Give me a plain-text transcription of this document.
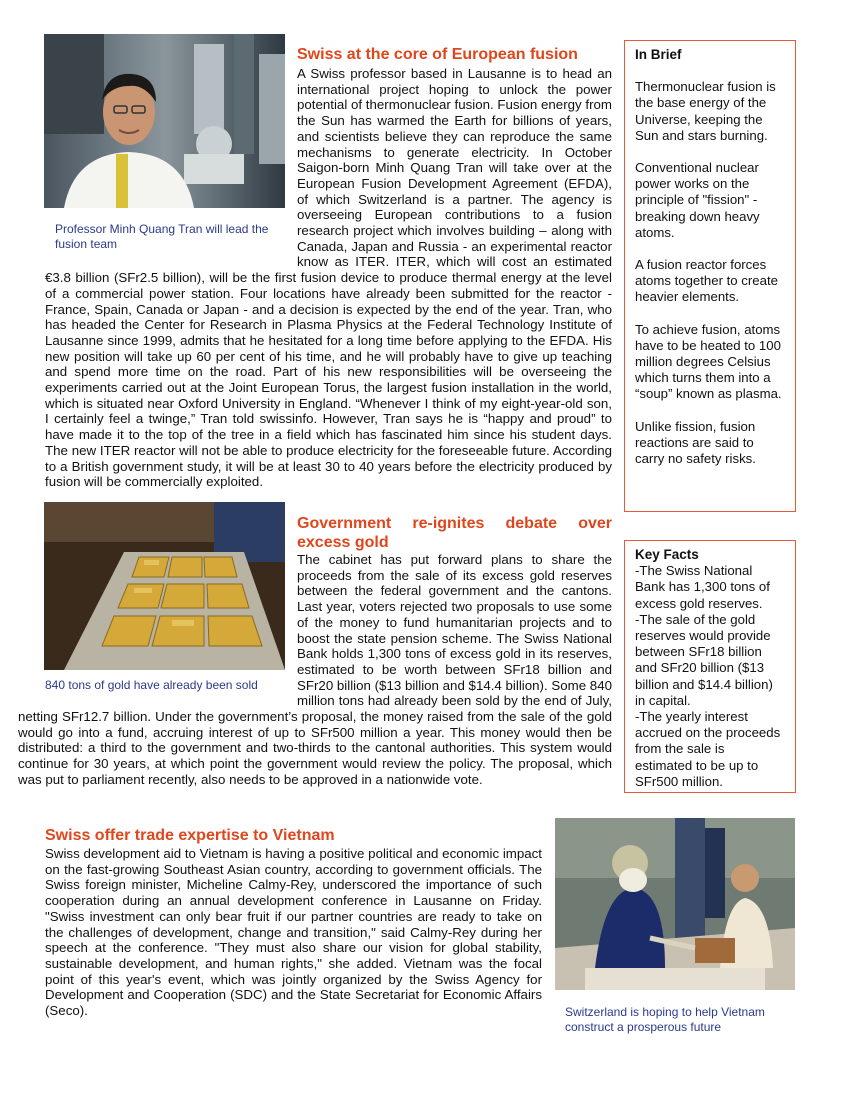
Professor Minh Quang Tran will lead the fusion team
Swiss at the core of European fusion
A Swiss professor based in Lausanne is to head an international project hoping to unlock the power potential of thermonuclear fusion. Fusion energy from the Sun has warmed the Earth for billions of years, and scientists believe they can reproduce the same mechanisms to generate electricity. In October Saigon-born Minh Quang Tran will take over at the European Fusion Development Agreement (EFDA), of which Switzerland is a partner. The agency is overseeing European contributions to a fusion research project which involves building – along with Canada, Japan and Russia - an experimental reactor know as ITER. ITER, which will cost an estimated €3.8 billion (SFr2.5 billion), will be the first fusion device to produce thermal energy at the level of a commercial power station. Four locations have already been submitted for the reactor - France, Spain, Canada or Japan - and a decision is expected by the end of the year. Tran, who has headed the Center for Research in Plasma Physics at the Federal Technology Institute of Lausanne since 1999, admits that he hesitated for a long time before applying to the EFDA. His new position will take up 60 per cent of his time, and he will probably have to give up teaching and spend more time on the road. Part of his new responsibilities will be overseeing the experiments carried out at the Joint European Torus, the largest fusion installation in the world, which is situated near Oxford University in England. “Whenever I think of my eight-year-old son, I certainly feel a twinge,” Tran told swissinfo. However, Tran says he is “happy and proud” to have made it to the top of the tree in a field which has fascinated him since his student days. The new ITER reactor will not be able to produce electricity for the foreseeable future. According to a British government study, it will be at least 30 to 40 years before the electricity produced by fusion will be commercially exploited.
In Brief

Thermonuclear fusion is the base energy of the Universe, keeping the Sun and stars burning.

Conventional nuclear power works on the principle of "fission" - breaking down heavy atoms.

A fusion reactor forces atoms together to create heavier elements.

To achieve fusion, atoms have to be heated to 100 million degrees Celsius which turns them into a “soup” known as plasma.

Unlike fission, fusion reactions are said to carry no safety risks.

840 tons of gold have already been sold
Government re-ignites debate over excess gold
The cabinet has put forward plans to share the proceeds from the sale of its excess gold reserves between the federal government and the cantons. Last year, voters rejected two proposals to use some of the money to fund humanitarian projects and to boost the state pension scheme. The Swiss National Bank holds 1,300 tons of excess gold in its reserves, estimated to be worth between SFr18 billion and SFr20 billion ($13 billion and $14.4 billion). Some 840 million tons had already been sold by the end of July, netting SFr12.7 billion. Under the government’s proposal, the money raised from the sale of the gold would go into a fund, accruing interest of up to SFr500 million a year. This money would then be distributed: a third to the government and two-thirds to the cantonal authorities. This system would continue for 30 years, at which point the government would review the policy. The proposal, which was put to parliament recently, also needs to be approved in a nationwide vote.
Key Facts

-The Swiss National Bank has 1,300 tons of excess gold reserves.

-The sale of the gold reserves would provide between SFr18 billion and SFr20 billion ($13 billion and $14.4 billion) in capital.

-The yearly interest accrued on the proceeds from the sale is estimated to be up to SFr500 million.

Swiss offer trade expertise to Vietnam
Swiss development aid to Vietnam is having a positive political and economic impact on the fast-growing Southeast Asian country, according to government officials. The Swiss foreign minister, Micheline Calmy-Rey, underscored the importance of such cooperation during an annual development conference in Lausanne on Friday. "Swiss investment can only bear fruit if our partner countries are ready to take on the challenges of development, change and transition," said Calmy-Rey during her speech at the conference. "They must also share our vision for global stability, sustainable development, and human rights," she added. Vietnam was the focal point of this year's event, which was jointly organized by the Swiss Agency for Development and Cooperation (SDC) and the State Secretariat for Economic Affairs (Seco).	Switzerland is hoping to help Vietnam construct a prosperous future
